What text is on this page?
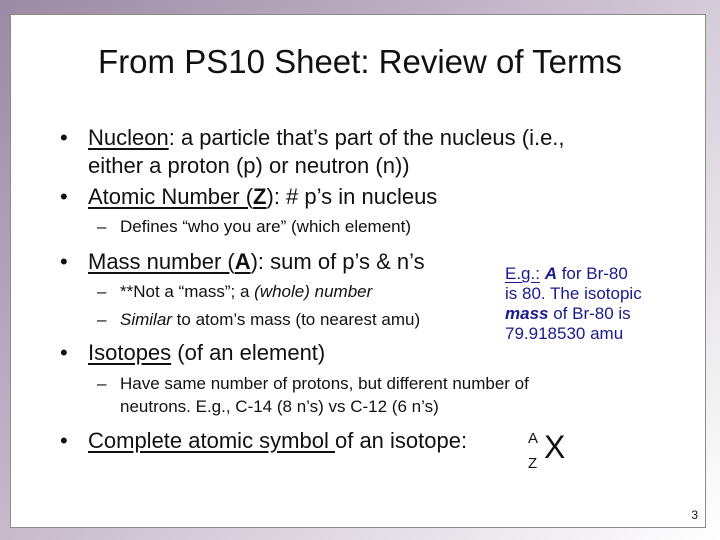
From PS10 Sheet: Review of Terms
• Nucleon: a particle that’s part of the nucleus (i.e.,
either a proton (p) or neutron (n))
• Atomic Number (Z): # p’s in nucleus
– Defines “who you are” (which element)
• Mass number (A): sum of p’s & n’s
– **Not a “mass”; a (whole) number
– Similar to atom’s mass (to nearest amu)
• Isotopes (of an element)
– Have same number of protons, but different number of
neutrons. E.g., C-14 (8 n’s) vs C-12 (6 n’s)
• Complete atomic symbol of an isotope:	A
Z X
E.g.: A for Br-80
is 80. The isotopic
mass of Br-80 is
79.918530 amu
3
